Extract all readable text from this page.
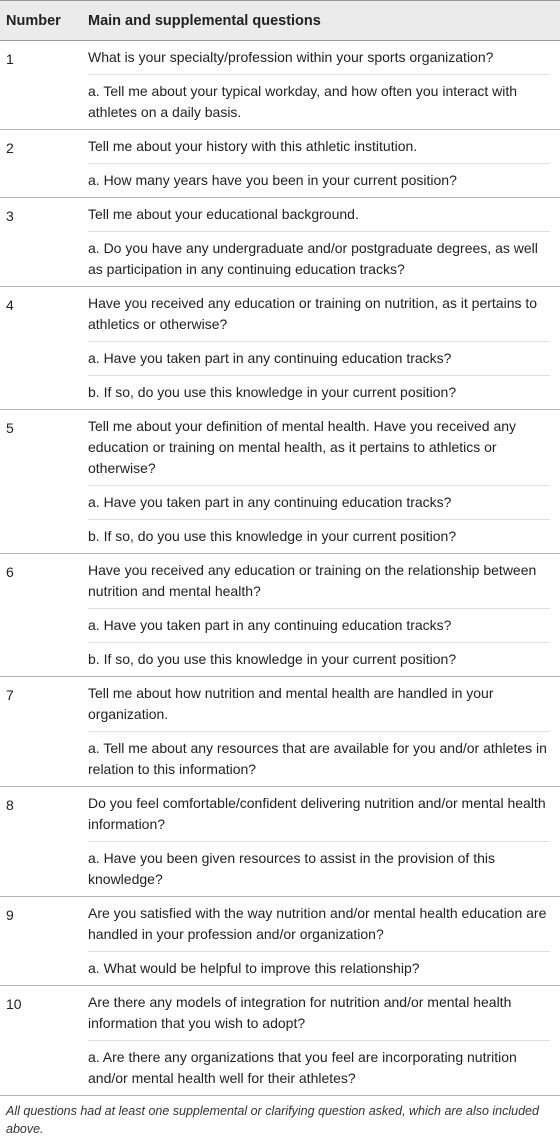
Number	Main and supplemental questions
1	What is your specialty/profession within your sports organization?
a. Tell me about your typical workday, and how often you interact with athletes on a daily basis.
2	Tell me about your history with this athletic institution.
a. How many years have you been in your current position?
3	Tell me about your educational background.
a. Do you have any undergraduate and/or postgraduate degrees, as well as participation in any continuing education tracks?
4	Have you received any education or training on nutrition, as it pertains to athletics or otherwise?
a. Have you taken part in any continuing education tracks?
b. If so, do you use this knowledge in your current position?
5	Tell me about your definition of mental health. Have you received any education or training on mental health, as it pertains to athletics or otherwise?
a. Have you taken part in any continuing education tracks?
b. If so, do you use this knowledge in your current position?
6	Have you received any education or training on the relationship between nutrition and mental health?
a. Have you taken part in any continuing education tracks?
b. If so, do you use this knowledge in your current position?
7	Tell me about how nutrition and mental health are handled in your organization.
a. Tell me about any resources that are available for you and/or athletes in relation to this information?
8	Do you feel comfortable/confident delivering nutrition and/or mental health information?
a. Have you been given resources to assist in the provision of this knowledge?
9	Are you satisfied with the way nutrition and/or mental health education are handled in your profession and/or organization?
a. What would be helpful to improve this relationship?
10	Are there any models of integration for nutrition and/or mental health information that you wish to adopt?
a. Are there any organizations that you feel are incorporating nutrition and/or mental health well for their athletes?
All questions had at least one supplemental or clarifying question asked, which are also included above.
